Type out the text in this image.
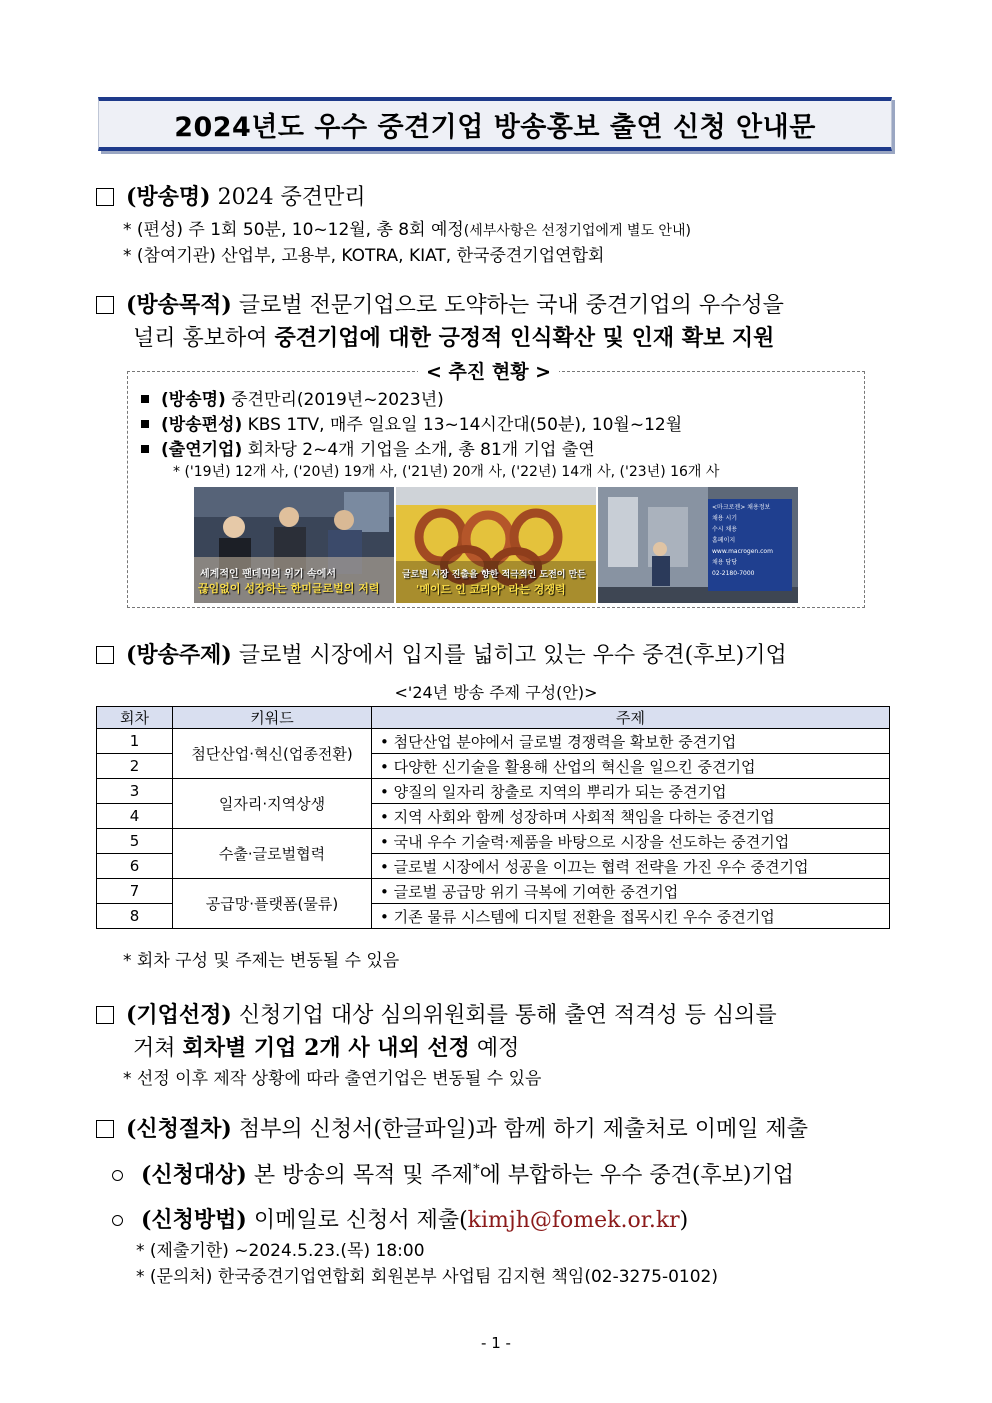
2024년도 우수 중견기업 방송홍보 출연 신청 안내문
(방송명) 2024 중견만리
* (편성) 주 1회 50분, 10~12월, 총 8회 예정(세부사항은 선정기업에게 별도 안내)
* (참여기관) 산업부, 고용부, KOTRA, KIAT, 한국중견기업연합회
(방송목적) 글로벌 전문기업으로 도약하는 국내 중견기업의 우수성을
널리 홍보하여 중견기업에 대한 긍정적 인식확산 및 인재 확보 지원
< 추진 현황 >
(방송명) 중견만리(2019년~2023년)
(방송편성) KBS 1TV, 매주 일요일 13~14시간대(50분), 10월~12월
(출연기업) 회차당 2~4개 기업을 소개, 총 81개 기업 출연
* ('19년) 12개 사, ('20년) 19개 사, ('21년) 20개 사, ('22년) 14개 사, ('23년) 16개 사
세계적인 팬데믹의 위기 속에서
끊임없이 성장하는 한미글로벌의 저력
글로벌 시장 진출을 향한 적극적인 도전이 만든
'메이드 인 코리아' 라는 경쟁력
<마크로젠> 채용정보
채용 시기
수시 채용
홈페이지
www.macrogen.com
채용 담당
02-2180-7000
(방송주제) 글로벌 시장에서 입지를 넓히고 있는 우수 중견(후보)기업
<'24년 방송 주제 구성(안)>
회차	키워드	주제
1	첨단산업·혁신(업종전환)	• 첨단산업 분야에서 글로벌 경쟁력을 확보한 중견기업
2		• 다양한 신기술을 활용해 산업의 혁신을 일으킨 중견기업
3	일자리·지역상생	• 양질의 일자리 창출로 지역의 뿌리가 되는 중견기업
4		• 지역 사회와 함께 성장하며 사회적 책임을 다하는 중견기업
5	수출·글로벌협력	• 국내 우수 기술력·제품을 바탕으로 시장을 선도하는 중견기업
6		• 글로벌 시장에서 성공을 이끄는 협력 전략을 가진 우수 중견기업
7	공급망·플랫폼(물류)	• 글로벌 공급망 위기 극복에 기여한 중견기업
8		• 기존 물류 시스템에 디지털 전환을 접목시킨 우수 중견기업
* 회차 구성 및 주제는 변동될 수 있음
(기업선정) 신청기업 대상 심의위원회를 통해 출연 적격성 등 심의를
거쳐 회차별 기업 2개 사 내외 선정 예정
* 선정 이후 제작 상황에 따라 출연기업은 변동될 수 있음
(신청절차) 첨부의 신청서(한글파일)과 함께 하기 제출처로 이메일 제출
(신청대상) 본 방송의 목적 및 주제*에 부합하는 우수 중견(후보)기업
(신청방법) 이메일로 신청서 제출(kimjh@fomek.or.kr)
* (제출기한) ~2024.5.23.(목) 18:00
* (문의처) 한국중견기업연합회 회원본부 사업팀 김지현 책임(02-3275-0102)
- 1 -
